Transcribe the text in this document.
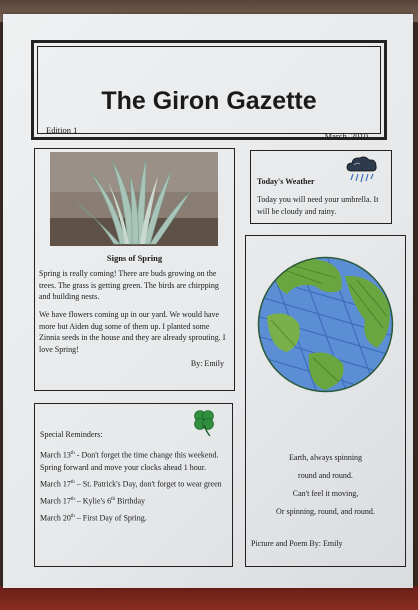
The Giron Gazette
Edition 1
March, 2010
Signs of Spring

Spring is really coming! There are buds growing on the trees. The grass is getting green. The birds are chirpping and building nests.

We have flowers coming up in our yard. We would have more but Aiden dug some of them up. I planted some Zinnia seeds in the house and they are already sprouting. I love Spring!

By: Emily
Today's Weather

Today you will need your umbrella. It will be cloudy and rainy.

Earth, always spinning
round and round.
Can't feel it moving,
Or spinning, round, and round.
Picture and Poem By: Emily
Special Reminders:

March 13th - Don't forget the time change this weekend. Spring forward and move your clocks ahead 1 hour.

March 17th – St. Patrick's Day, don't forget to wear green

March 17th – Kylie's 6th Birthday

March 20th – First Day of Spring.
